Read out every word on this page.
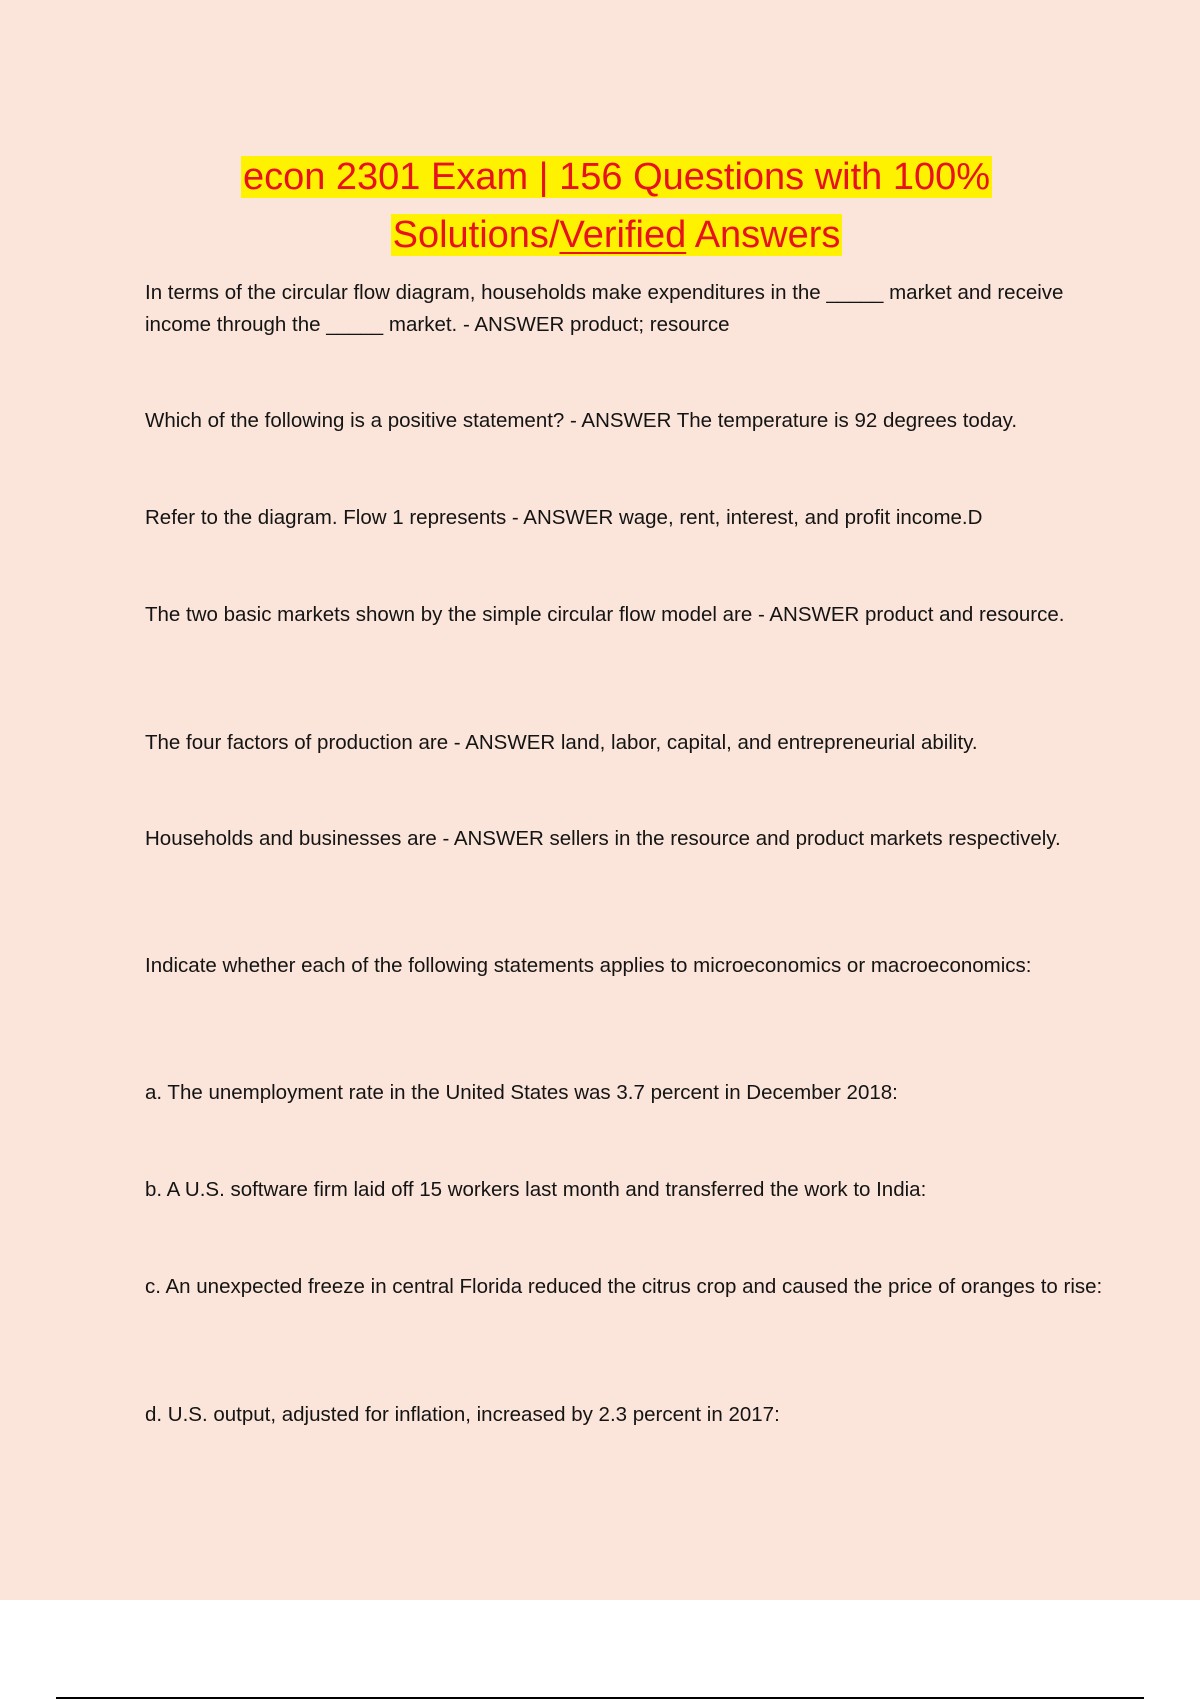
econ 2301 Exam | 156 Questions with 100%
Solutions/Verified Answers

In terms of the circular flow diagram, households make expenditures in the _____ market and receive income through the _____ market. - ANSWER product; resource

Which of the following is a positive statement? - ANSWER The temperature is 92 degrees today.

Refer to the diagram. Flow 1 represents - ANSWER wage, rent, interest, and profit income.D

The two basic markets shown by the simple circular flow model are - ANSWER product and resource.

The four factors of production are - ANSWER land, labor, capital, and entrepreneurial ability.

Households and businesses are - ANSWER sellers in the resource and product markets respectively.

Indicate whether each of the following statements applies to microeconomics or macroeconomics:

a. The unemployment rate in the United States was 3.7 percent in December 2018:

b. A U.S. software firm laid off 15 workers last month and transferred the work to India:

c. An unexpected freeze in central Florida reduced the citrus crop and caused the price of oranges to rise:

d. U.S. output, adjusted for inflation, increased by 2.3 percent in 2017:
